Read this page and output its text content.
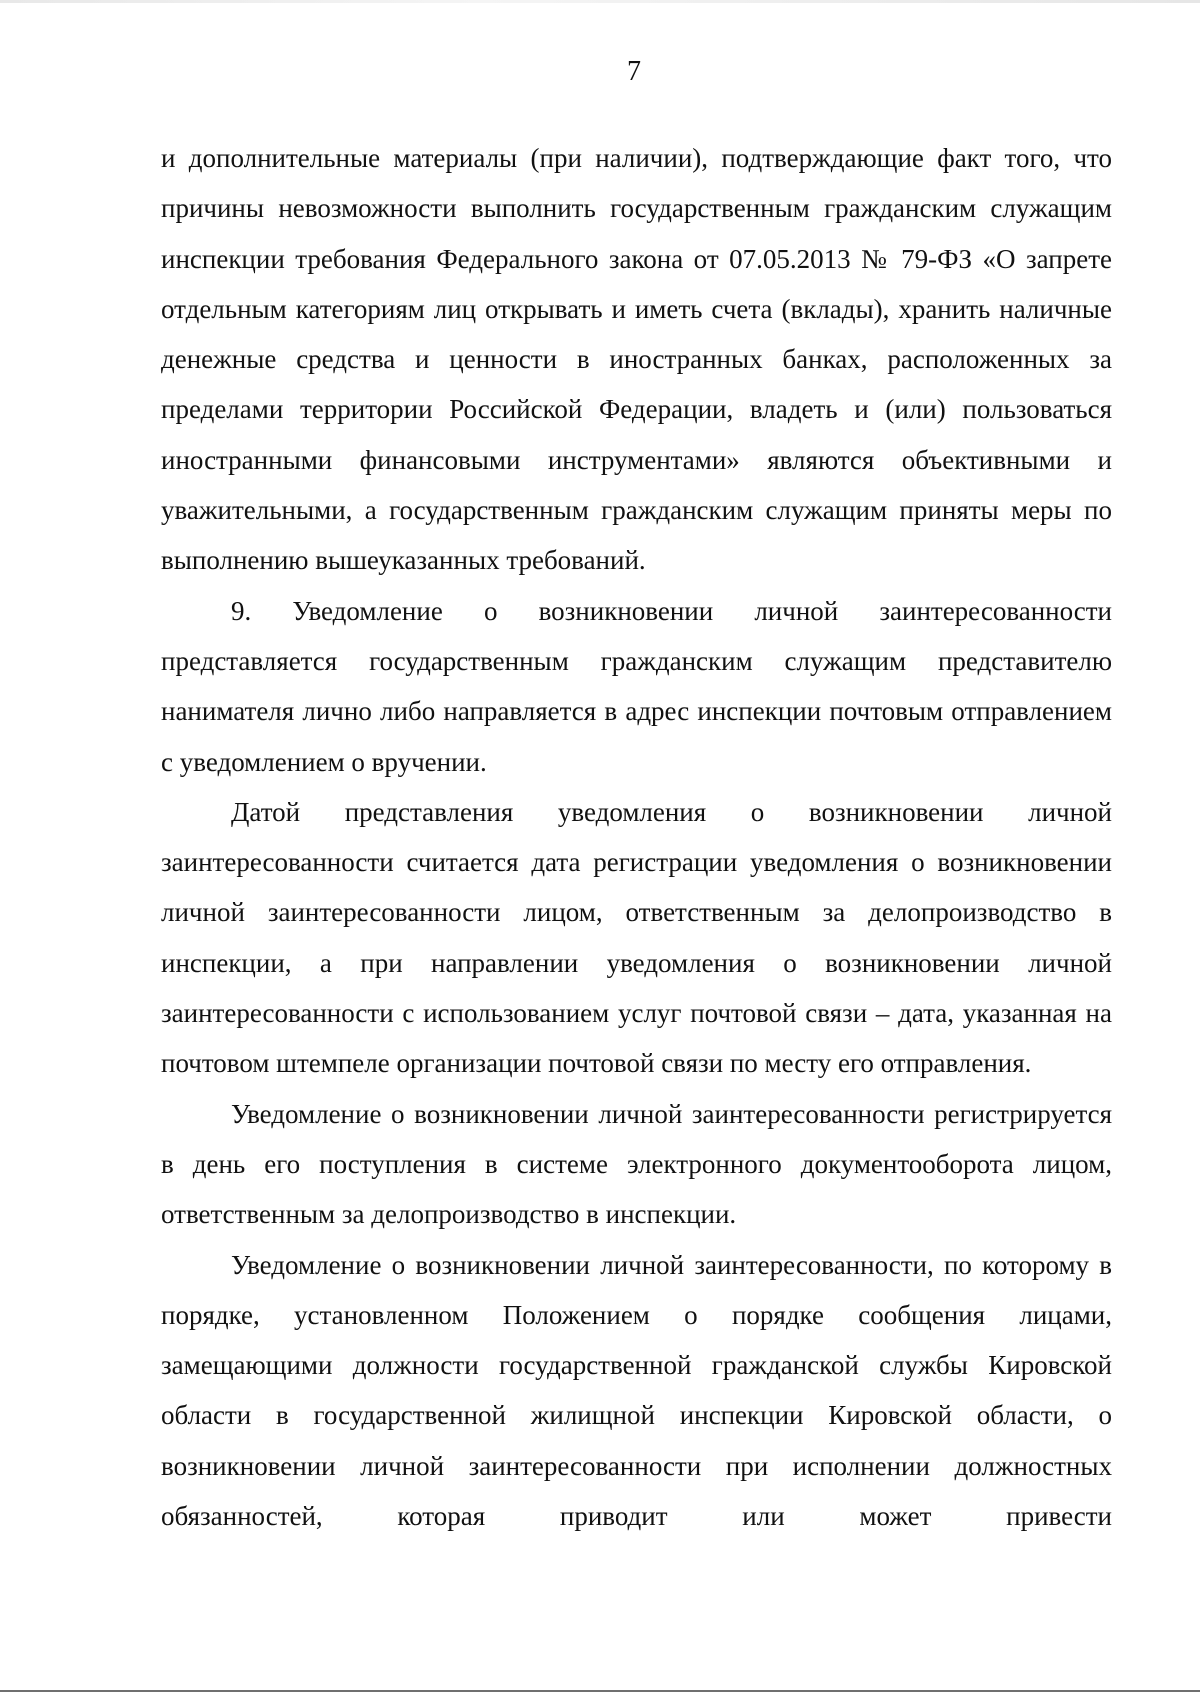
7

и дополнительные материалы (при наличии), подтверждающие факт того, что причины невозможности выполнить государственным гражданским служащим инспекции требования Федерального закона от 07.05.2013 № 79-ФЗ «О запрете отдельным категориям лиц открывать и иметь счета (вклады), хранить наличные денежные средства и ценности в иностранных банках, расположенных за пределами территории Российской Федерации, владеть и (или) пользоваться иностранными финансовыми инструментами» являются объективными и уважительными, а государственным гражданским служащим приняты меры по выполнению вышеуказанных требований.

9. Уведомление о возникновении личной заинтересованности представляется государственным гражданским служащим представителю нанимателя лично либо направляется в адрес инспекции почтовым отправлением с уведомлением о вручении.

Датой представления уведомления о возникновении личной заинтересованности считается дата регистрации уведомления о возникновении личной заинтересованности лицом, ответственным за делопроизводство в инспекции, а при направлении уведомления о возникновении личной заинтересованности с использованием услуг почтовой связи – дата, указанная на почтовом штемпеле организации почтовой связи по месту его отправления.

Уведомление о возникновении личной заинтересованности регистрируется в день его поступления в системе электронного документооборота лицом, ответственным за делопроизводство в инспекции.

Уведомление о возникновении личной заинтересованности, по которому в порядке, установленном Положением о порядке сообщения лицами, замещающими должности государственной гражданской службы Кировской области в государственной жилищной инспекции Кировской области, о возникновении личной заинтересованности при исполнении должностных обязанностей, которая приводит или может привести
